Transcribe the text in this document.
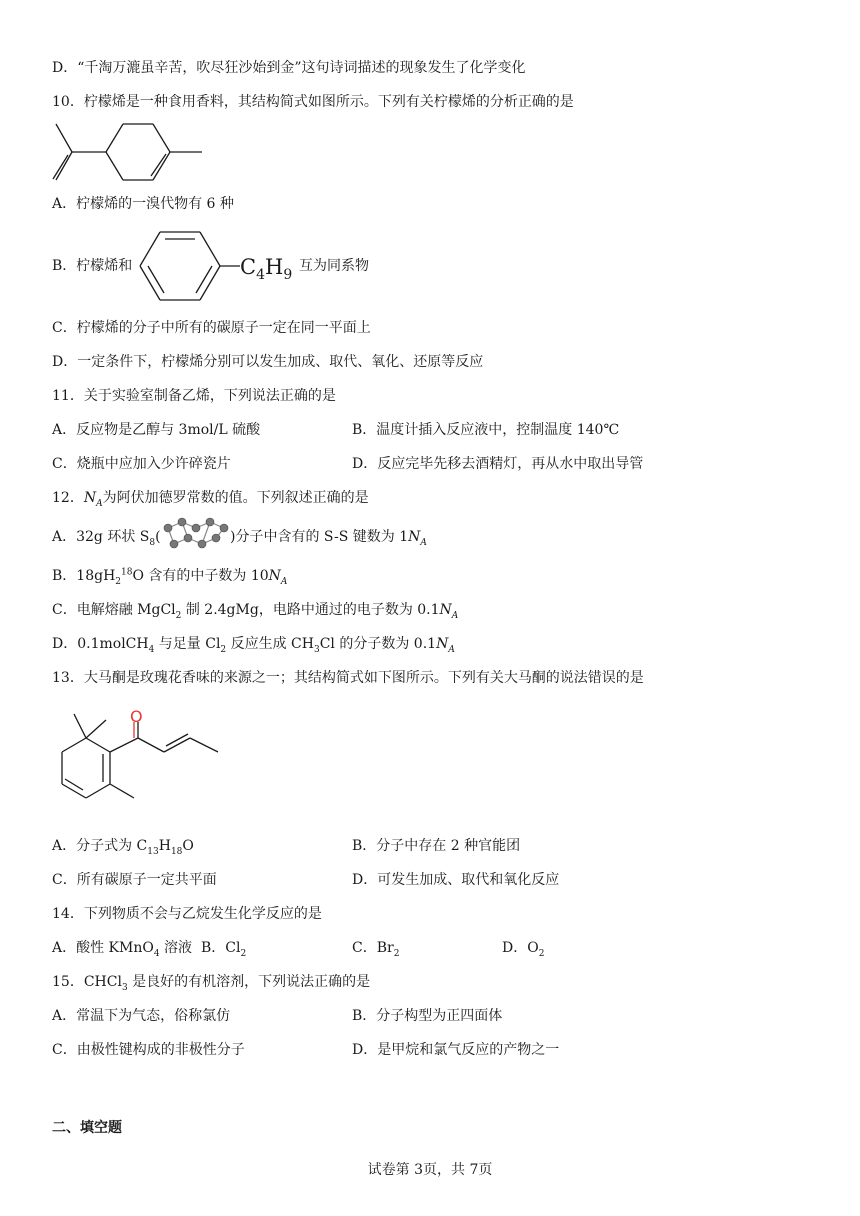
D．“千淘万漉虽辛苦，吹尽狂沙始到金”这句诗词描述的现象发生了化学变化
10．柠檬烯是一种食用香料，其结构简式如图所示。下列有关柠檬烯的分析正确的是
A．柠檬烯的一溴代物有 6 种
B．柠檬烯和	$C_4H_9$
互为同系物
C．柠檬烯的分子中所有的碳原子一定在同一平面上
D．一定条件下，柠檬烯分别可以发生加成、取代、氧化、还原等反应
11．关于实验室制备乙烯，下列说法正确的是
A．反应物是乙醇与 3mol/L 硫酸	B．温度计插入反应液中，控制温度 140℃
C．烧瓶中应加入少许碎瓷片	D．反应完毕先移去酒精灯，再从水中取出导管
12．$N_A$为阿伏加德罗常数的值。下列叙述正确的是
A．32g 环状 $S_8$(	)分子中含有的 S-S 键数为 $1N_A$
B．$18gH_2^{18}O$ 含有的中子数为 $10N_A$
C．电解熔融 MgCl$_2$ 制 2.4gMg，电路中通过的电子数为 $0.1N_A$
D．0.1molCH$_4$ 与足量 $Cl_2$ 反应生成 $CH_3Cl$ 的分子数为 $0.1N_A$
13．大马酮是玫瑰花香味的来源之一；其结构简式如下图所示。下列有关大马酮的说法错误的是
O
A．分子式为 $C_{13}H_{18}O$	B．分子中存在 2 种官能团
C．所有碳原子一定共平面	D．可发生加成、取代和氧化反应
14．下列物质不会与乙烷发生化学反应的是
A．酸性 KMnO$_4$ 溶液 B．$Cl_2$	C．$Br_2$	D．$O_2$
15．CHCl$_3$ 是良好的有机溶剂，下列说法正确的是
A．常温下为气态，俗称氯仿	B．分子构型为正四面体
C．由极性键构成的非极性分子	D．是甲烷和氯气反应的产物之一
二、填空题
试卷第 3页，共 7页
